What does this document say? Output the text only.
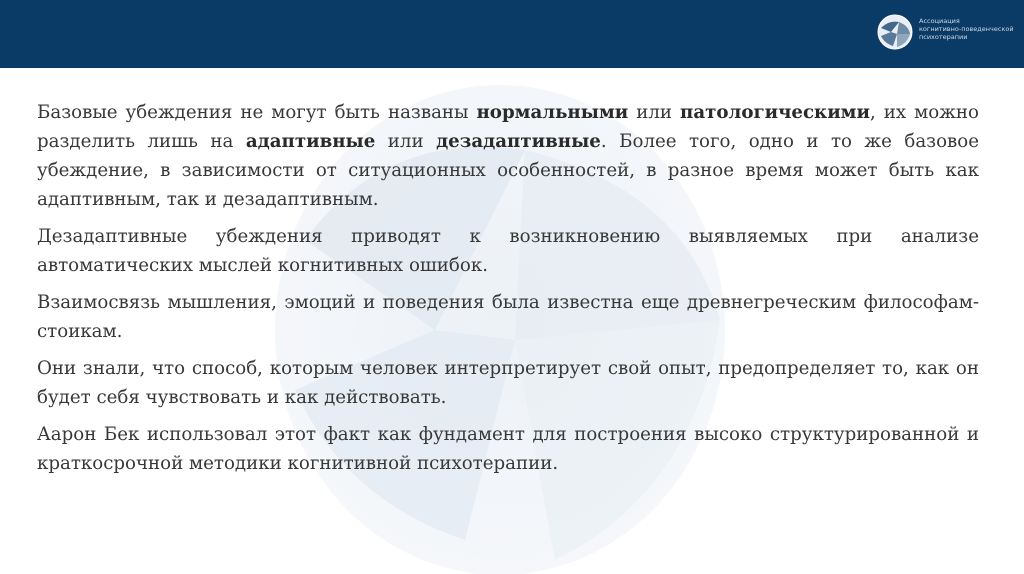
Ассоциация
когнитивно-поведенческой
психотерапии

Базовые убеждения не могут быть названы нормальными или патологическими, их можно разделить лишь на адаптивные или дезадаптивные. Более того, одно и то же базовое убеждение, в зависимости от ситуационных особенностей, в разное время может быть как адаптивным, так и дезадаптивным.

Дезадаптивные убеждения приводят к возникновению выявляемых при анализе автоматических мыслей когнитивных ошибок.

Взаимосвязь мышления, эмоций и поведения была известна еще древнегреческим философам-стоикам.

Они знали, что способ, которым человек интерпретирует свой опыт, предопределяет то, как он будет себя чувствовать и как действовать.

Аарон Бек использовал этот факт как фундамент для построения высоко структурированной и краткосрочной методики когнитивной психотерапии.
